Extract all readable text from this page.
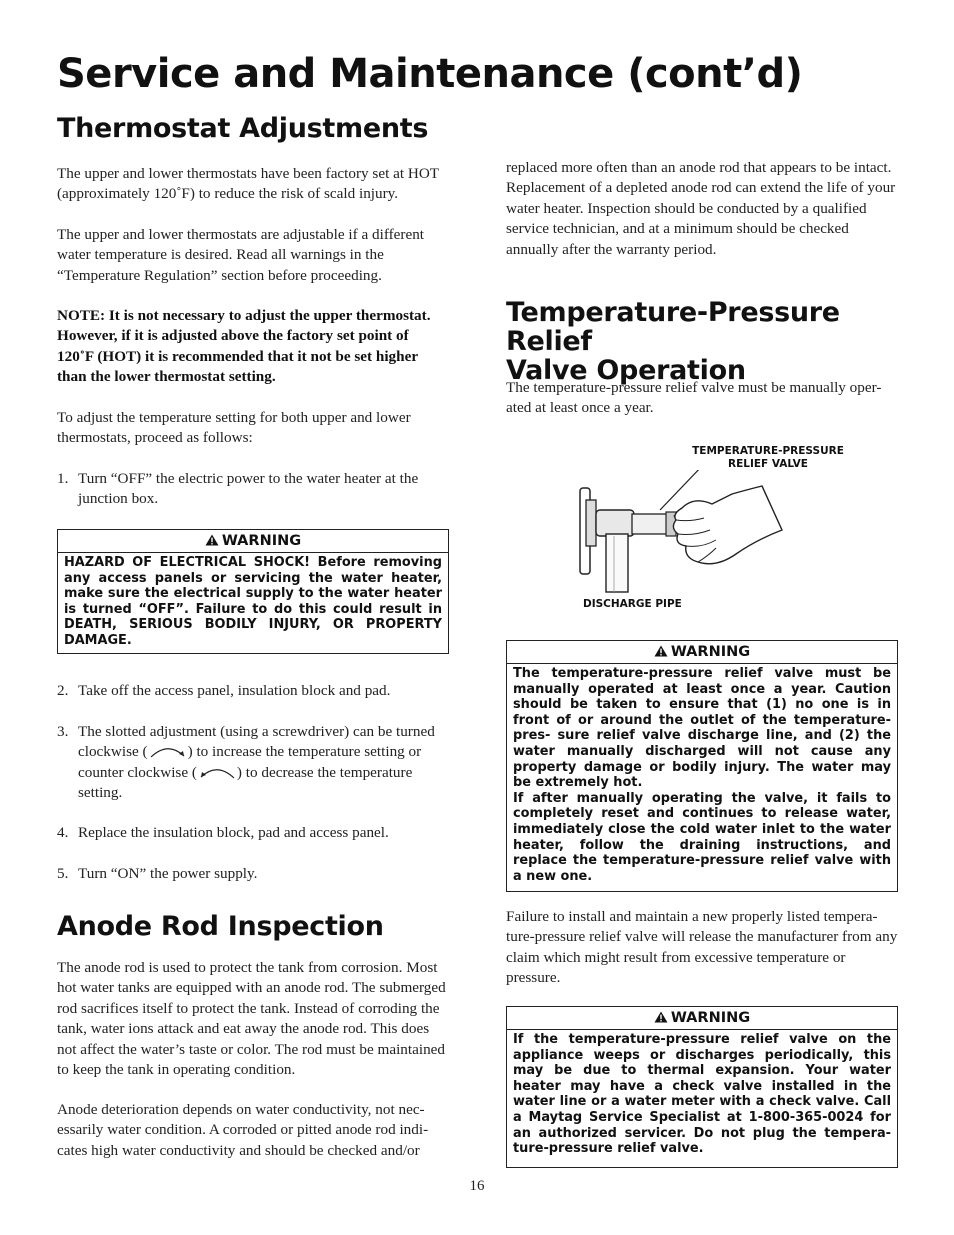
Service and Maintenance (cont’d)
Thermostat Adjustments

The upper and lower thermostats have been factory set at HOT (approximately 120˚F) to reduce the risk of scald injury.

The upper and lower thermostats are adjustable if a different water temperature is desired. Read all warnings in the “Temperature Regulation” section before proceeding.

NOTE: It is not necessary to adjust the upper thermostat. However, if it is adjusted above the factory set point of 120˚F (HOT) it is recommended that it not be set higher than the lower thermostat setting.

To adjust the temperature setting for both upper and lower thermostats, proceed as follows:

1. Turn “OFF” the electric power to the water heater at the junction box.
WARNING
HAZARD OF ELECTRICAL SHOCK! Before removing any access panels or servicing the water heater, make sure the electrical supply to the water heater is turned “OFF”. Failure to do this could result in DEATH, SERIOUS BODILY INJURY, OR PROPERTY DAMAGE.
2. Take off the access panel, insulation block and pad.
3. The slotted adjustment (using a screwdriver) can be turned clockwise (	) to increase the temperature setting or counter clockwise (	) to decrease the temperature setting.
4. Replace the insulation block, pad and access panel.
5. Turn “ON” the power supply.
Anode Rod Inspection

The anode rod is used to protect the tank from corrosion. Most hot water tanks are equipped with an anode rod. The submerged rod sacrifices itself to protect the tank. Instead of corroding the tank, water ions attack and eat away the anode rod. This does not affect the water’s taste or color. The rod must be maintained to keep the tank in operating condition.

Anode deterioration depends on water conductivity, not nec- essarily water condition. A corroded or pitted anode rod indi- cates high water conductivity and should be checked and/or

replaced more often than an anode rod that appears to be intact. Replacement of a depleted anode rod can extend the life of your water heater. Inspection should be conducted by a qualified service technician, and at a minimum should be checked annually after the warranty period.

Temperature-Pressure Relief
Valve Operation

The temperature-pressure relief valve must be manually oper- ated at least once a year.

TEMPERATURE-PRESSURE
RELIEF VALVE
DISCHARGE PIPE
WARNING
The temperature-pressure relief valve must be manually operated at least once a year. Caution should be taken to ensure that (1) no one is in front of or around the outlet of the temperature-pres- sure relief valve discharge line, and (2) the water manually discharged will not cause any property damage or bodily injury. The water may be extremely hot.
If after manually operating the valve, it fails to completely reset and continues to release water, immediately close the cold water inlet to the water heater, follow the draining instructions, and replace the temperature-pressure relief valve with a new one.

Failure to install and maintain a new properly listed tempera- ture-pressure relief valve will release the manufacturer from any claim which might result from excessive temperature or pressure.

WARNING
If the temperature-pressure relief valve on the appliance weeps or discharges periodically, this may be due to thermal expansion. Your water heater may have a check valve installed in the water line or a water meter with a check valve. Call a Maytag Service Specialist at 1-800-365-0024 for an authorized servicer. Do not plug the tempera- ture-pressure relief valve.
16
